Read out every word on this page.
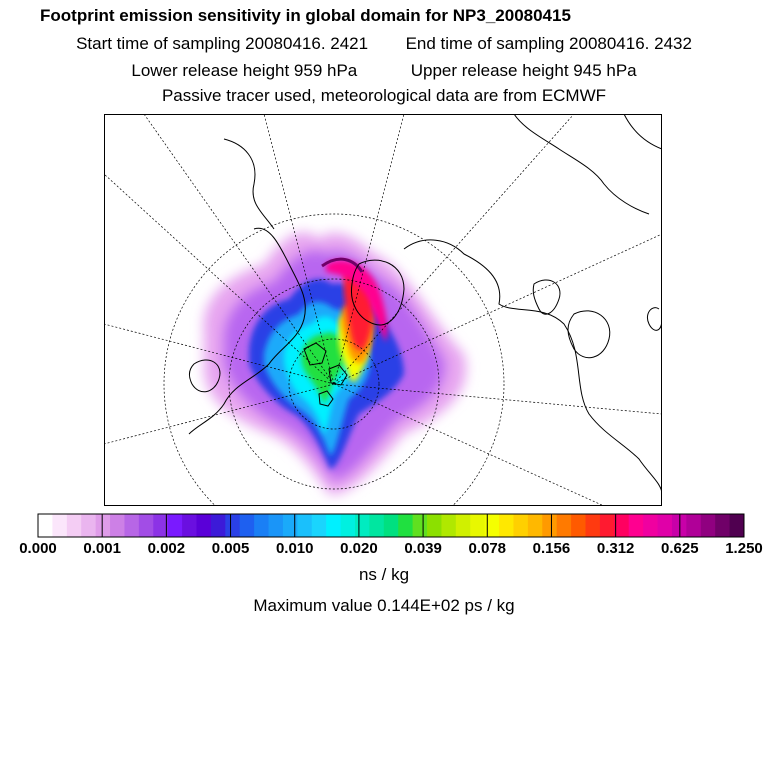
Footprint emission sensitivity in global domain for NP3_20080415
Start time of sampling 20080416. 2421 End time of sampling 20080416. 2432
Lower release height 959 hPa	Upper release height 945 hPa
Passive tracer used, meteorological data are from ECMWF
0.000 0.001 0.002 0.005 0.010 0.020 0.039 0.078 0.156 0.312 0.625 1.250
ns / kg
Maximum value 0.144E+02 ps / kg
